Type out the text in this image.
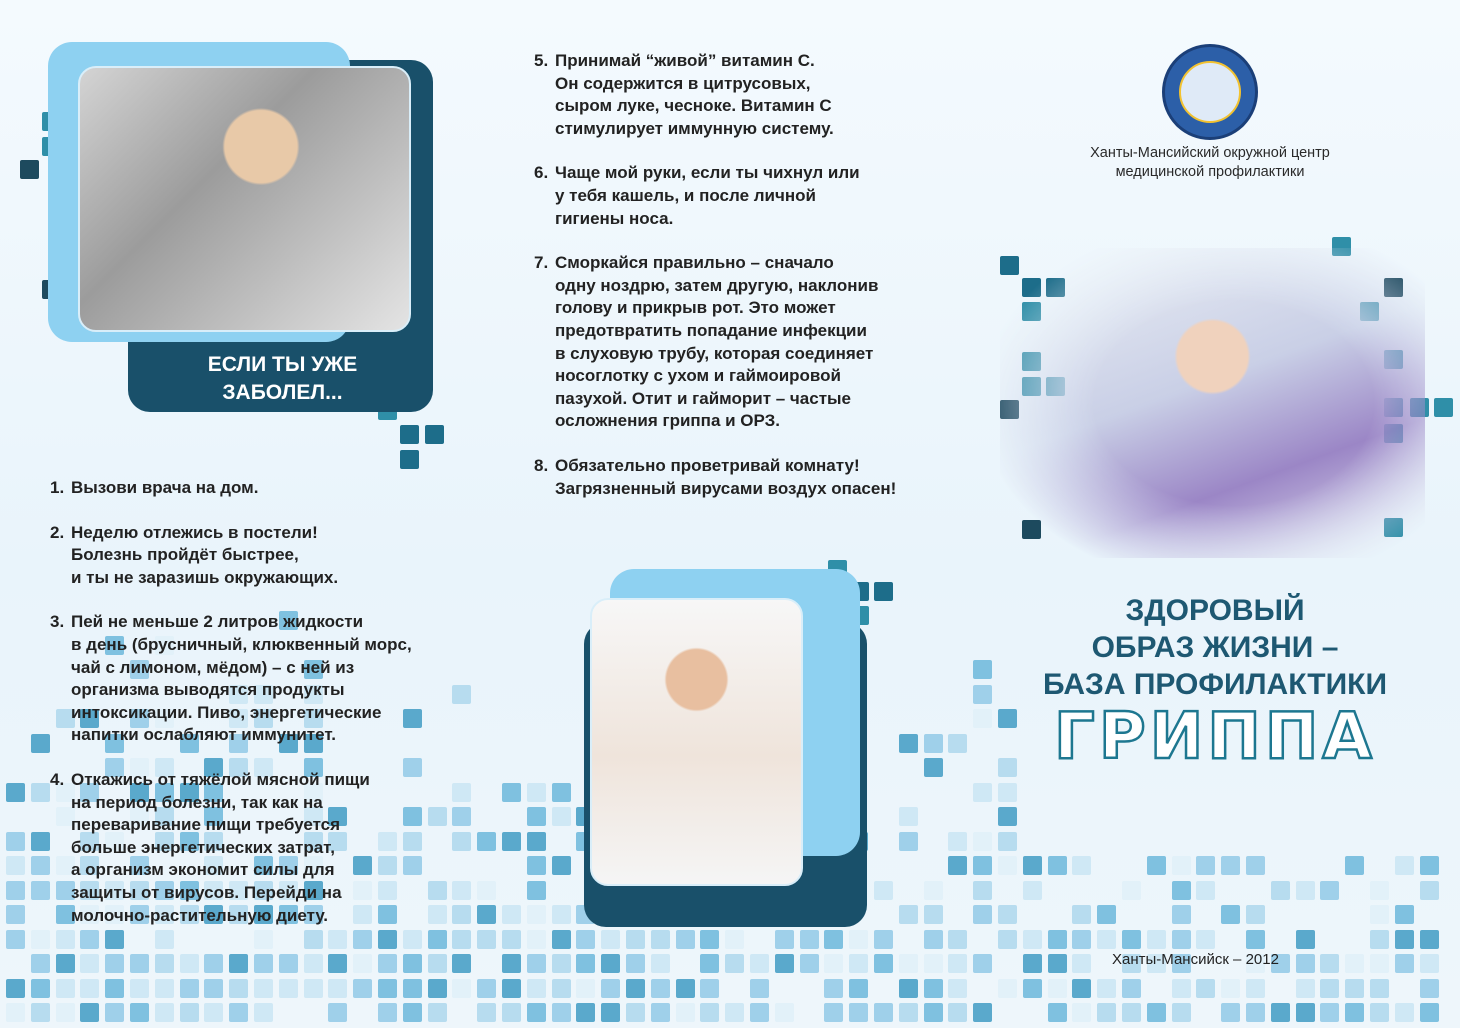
ЕСЛИ ТЫ УЖЕ
ЗАБОЛЕЛ...
1. Вызови врача на дом.
2. Неделю отлежись в постели!
Болезнь пройдёт быстрее,
и ты не заразишь окружающих.
3. Пей не меньше 2 литров жидкости
в день (брусничный, клюквенный морс,
чай с лимоном, мёдом) – с ней из
организма выводятся продукты
интоксикации. Пиво, энергетические
напитки ослабляют иммунитет.
4. Откажись от тяжёлой мясной пищи
на период болезни, так как на
переваривание пищи требуется
больше энергетических затрат,
а организм экономит силы для
защиты от вирусов. Перейди на
молочно-растительную диету.
5. Принимай “живой” витамин С.
Он содержится в цитрусовых,
сыром луке, чесноке. Витамин С
стимулирует иммунную систему.
6. Чаще мой руки, если ты чихнул или
у тебя кашель, и после личной
гигиены носа.
7. Сморкайся правильно – сначало
одну ноздрю, затем другую, наклонив
голову и прикрыв рот. Это может
предотвратить попадание инфекции
в слуховую трубу, которая соединяет
носоглотку с ухом и гаймоировой
пазухой. Отит и гайморит – частые
осложнения гриппа и ОРЗ.
8. Обязательно проветривай комнату!
Загрязненный вирусами воздух опасен!
Ханты-Мансийский окружной центр
медицинской профилактики
ЗДОРОВЫЙ
ОБРАЗ ЖИЗНИ –
БАЗА ПРОФИЛАКТИКИ
ГРИППА
Ханты-Мансийск – 2012
